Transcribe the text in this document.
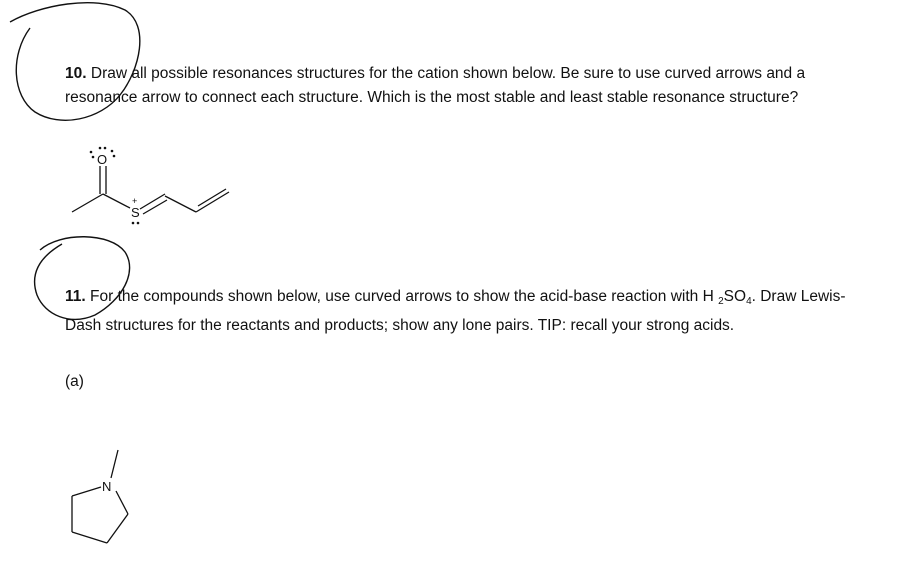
10. Draw all possible resonances structures for the cation shown below. Be sure to use curved arrows and a resonance arrow to connect each structure. Which is the most stable and least stable resonance structure?
O
+
S
11. For the compounds shown below, use curved arrows to show the acid-base reaction with H $_2SO_4$. Draw Lewis-Dash structures for the reactants and products; show any lone pairs. TIP: recall your strong acids.
(a)
N
